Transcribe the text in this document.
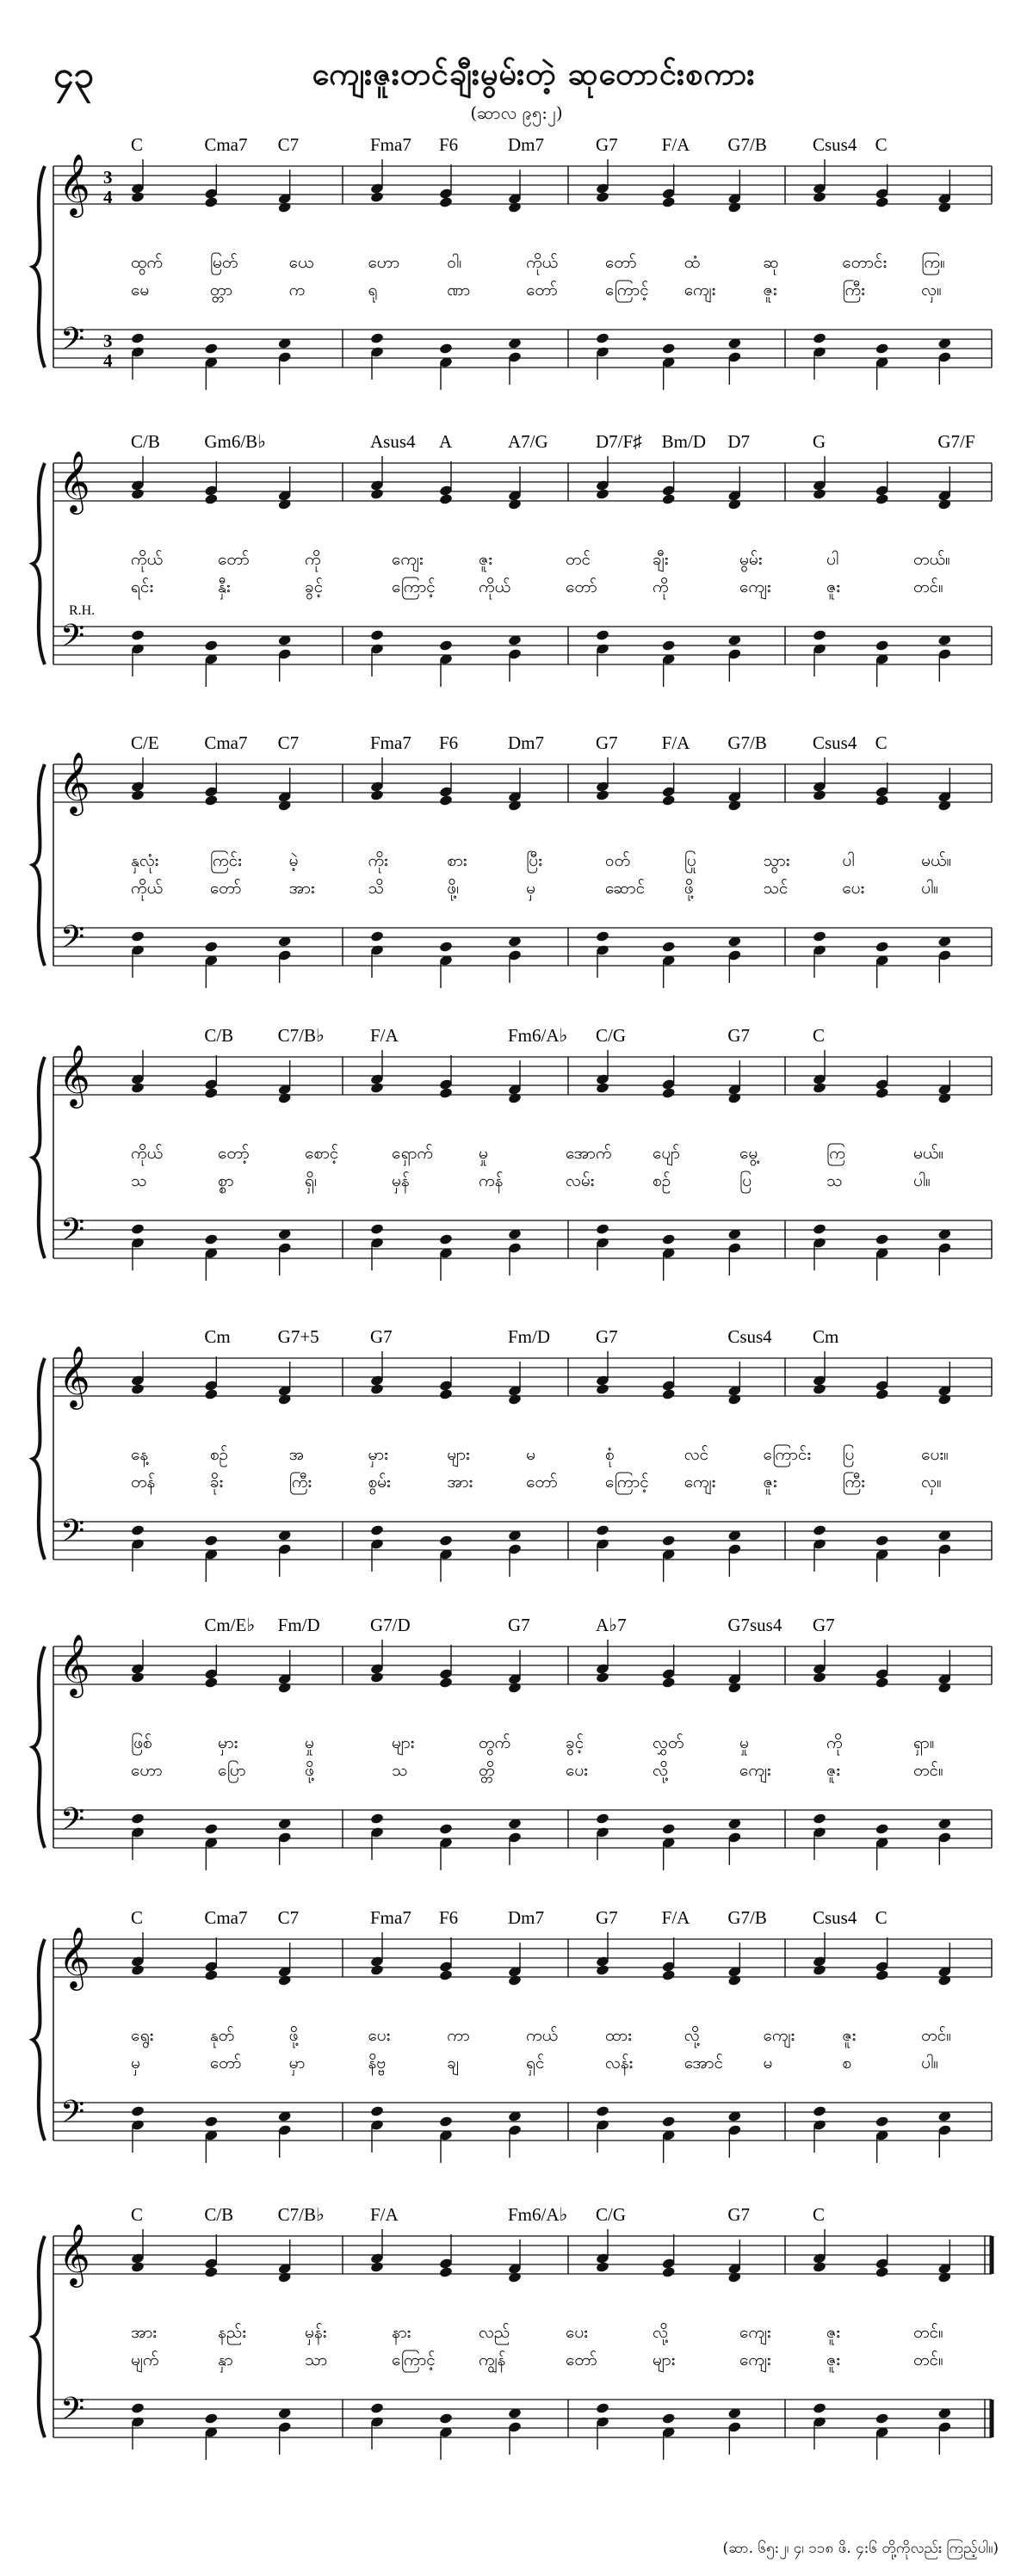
၄၃	ကျေးဇူးတင်ချီးမွမ်းတဲ့ ဆုတောင်းစကား
(ဆာလ ၉၅:၂)
𝄞
𝄢
3
4
3
4
C	Cma7 C7	Fma7 F6	Dm7	G7 F/A G7/B	Csus4 C
ထွက်	မြတ်	ယေ	ဟော	ဝါ၊	ကိုယ်	တော်	ထံ	ဆု	တောင်း ကြ။
မေ	တ္တာ	က	ရု	ဏာ	တော်	ကြောင့် ကျေး	ဇူး	ကြီး	လှ။
𝄞
𝄢
R.H.
C/B Gm6/B♭	Asus4 A	A7/G	D7/F♯ Bm/D D7	G	G7/F
ကိုယ်	တော်	ကို	ကျေး	ဇူး	တင်	ချီး	မွမ်း	ပါ	တယ်။
ရင်း	နှီး	ခွင့်	ကြောင့်	ကိုယ်	တော်	ကို	ကျေး	ဇူး	တင်။
𝄞
𝄢
C/E	Cma7 C7	Fma7 F6	Dm7	G7 F/A G7/B	Csus4 C
နှလုံး	ကြင်း	မဲ့	ကိုး	စား	ပြီး	ဝတ်	ပြု	သွား	ပါ	မယ်။
ကိုယ်	တော်	အား	သိ	ဖို့၊	မှ	ဆောင် ဖို့	သင်	ပေး	ပါ။
𝄞
𝄢
C/B C7/B♭	F/A	Fm6/A♭ C/G	G7	C
ကိုယ်	တော့်	စောင့်	ရှောက်	မှု	အောက်	ပျော်	မွေ့	ကြ	မယ်။
သ	စ္စာ	ရှိ၊	မှန်	ကန်	လမ်း	စဉ်	ပြ	သ	ပါ။
𝄞
𝄢
Cm	G7+5	G7	Fm/D	G7	Csus4 Cm
နေ့	စဉ်	အ	မှား	များ	မ	စုံ	လင်	ကြောင်း ပြ	ပေး။
တန်	ခိုး	ကြီး	စွမ်း	အား	တော်	ကြောင့် ကျေး	ဇူး	ကြီး	လှ။
𝄞
𝄢
Cm/E♭ Fm/D	G7/D	G7	A♭7	G7sus4 G7
ဖြစ်	မှား	မှု	များ	တွက်	ခွင့်	လွှတ်	မှု	ကို	ရှာ။
ဟော	ပြော	ဖို့	သ	တ္တိ	ပေး	လို့	ကျေး	ဇူး	တင်။
𝄞
𝄢
C	Cma7 C7	Fma7 F6	Dm7	G7 F/A G7/B	Csus4 C
ရွေး	နုတ်	ဖို့	ပေး	ကာ	ကယ်	ထား	လို့	ကျေး	ဇူး	တင်။
မှ	တော်	မှာ	နိဗ္ဗ	ချ	ရှင်	လန်း	အောင် မ	စ	ပါ။
𝄞
𝄢
C	C/B C7/B♭	F/A	Fm6/A♭ C/G	G7	C
အား	နည်း	မှန်း	နား	လည်	ပေး	လို့	ကျေး	ဇူး	တင်။
မျက်	နှာ	သာ	ကြောင့်	ကျွန်	တော်	များ	ကျေး	ဇူး	တင်။
(ဆာ. ၆၅:၂၊ ၄၊ ၁၁၈ ဖိ. ၄:၆ တို့ကိုလည်း ကြည့်ပါ။)
